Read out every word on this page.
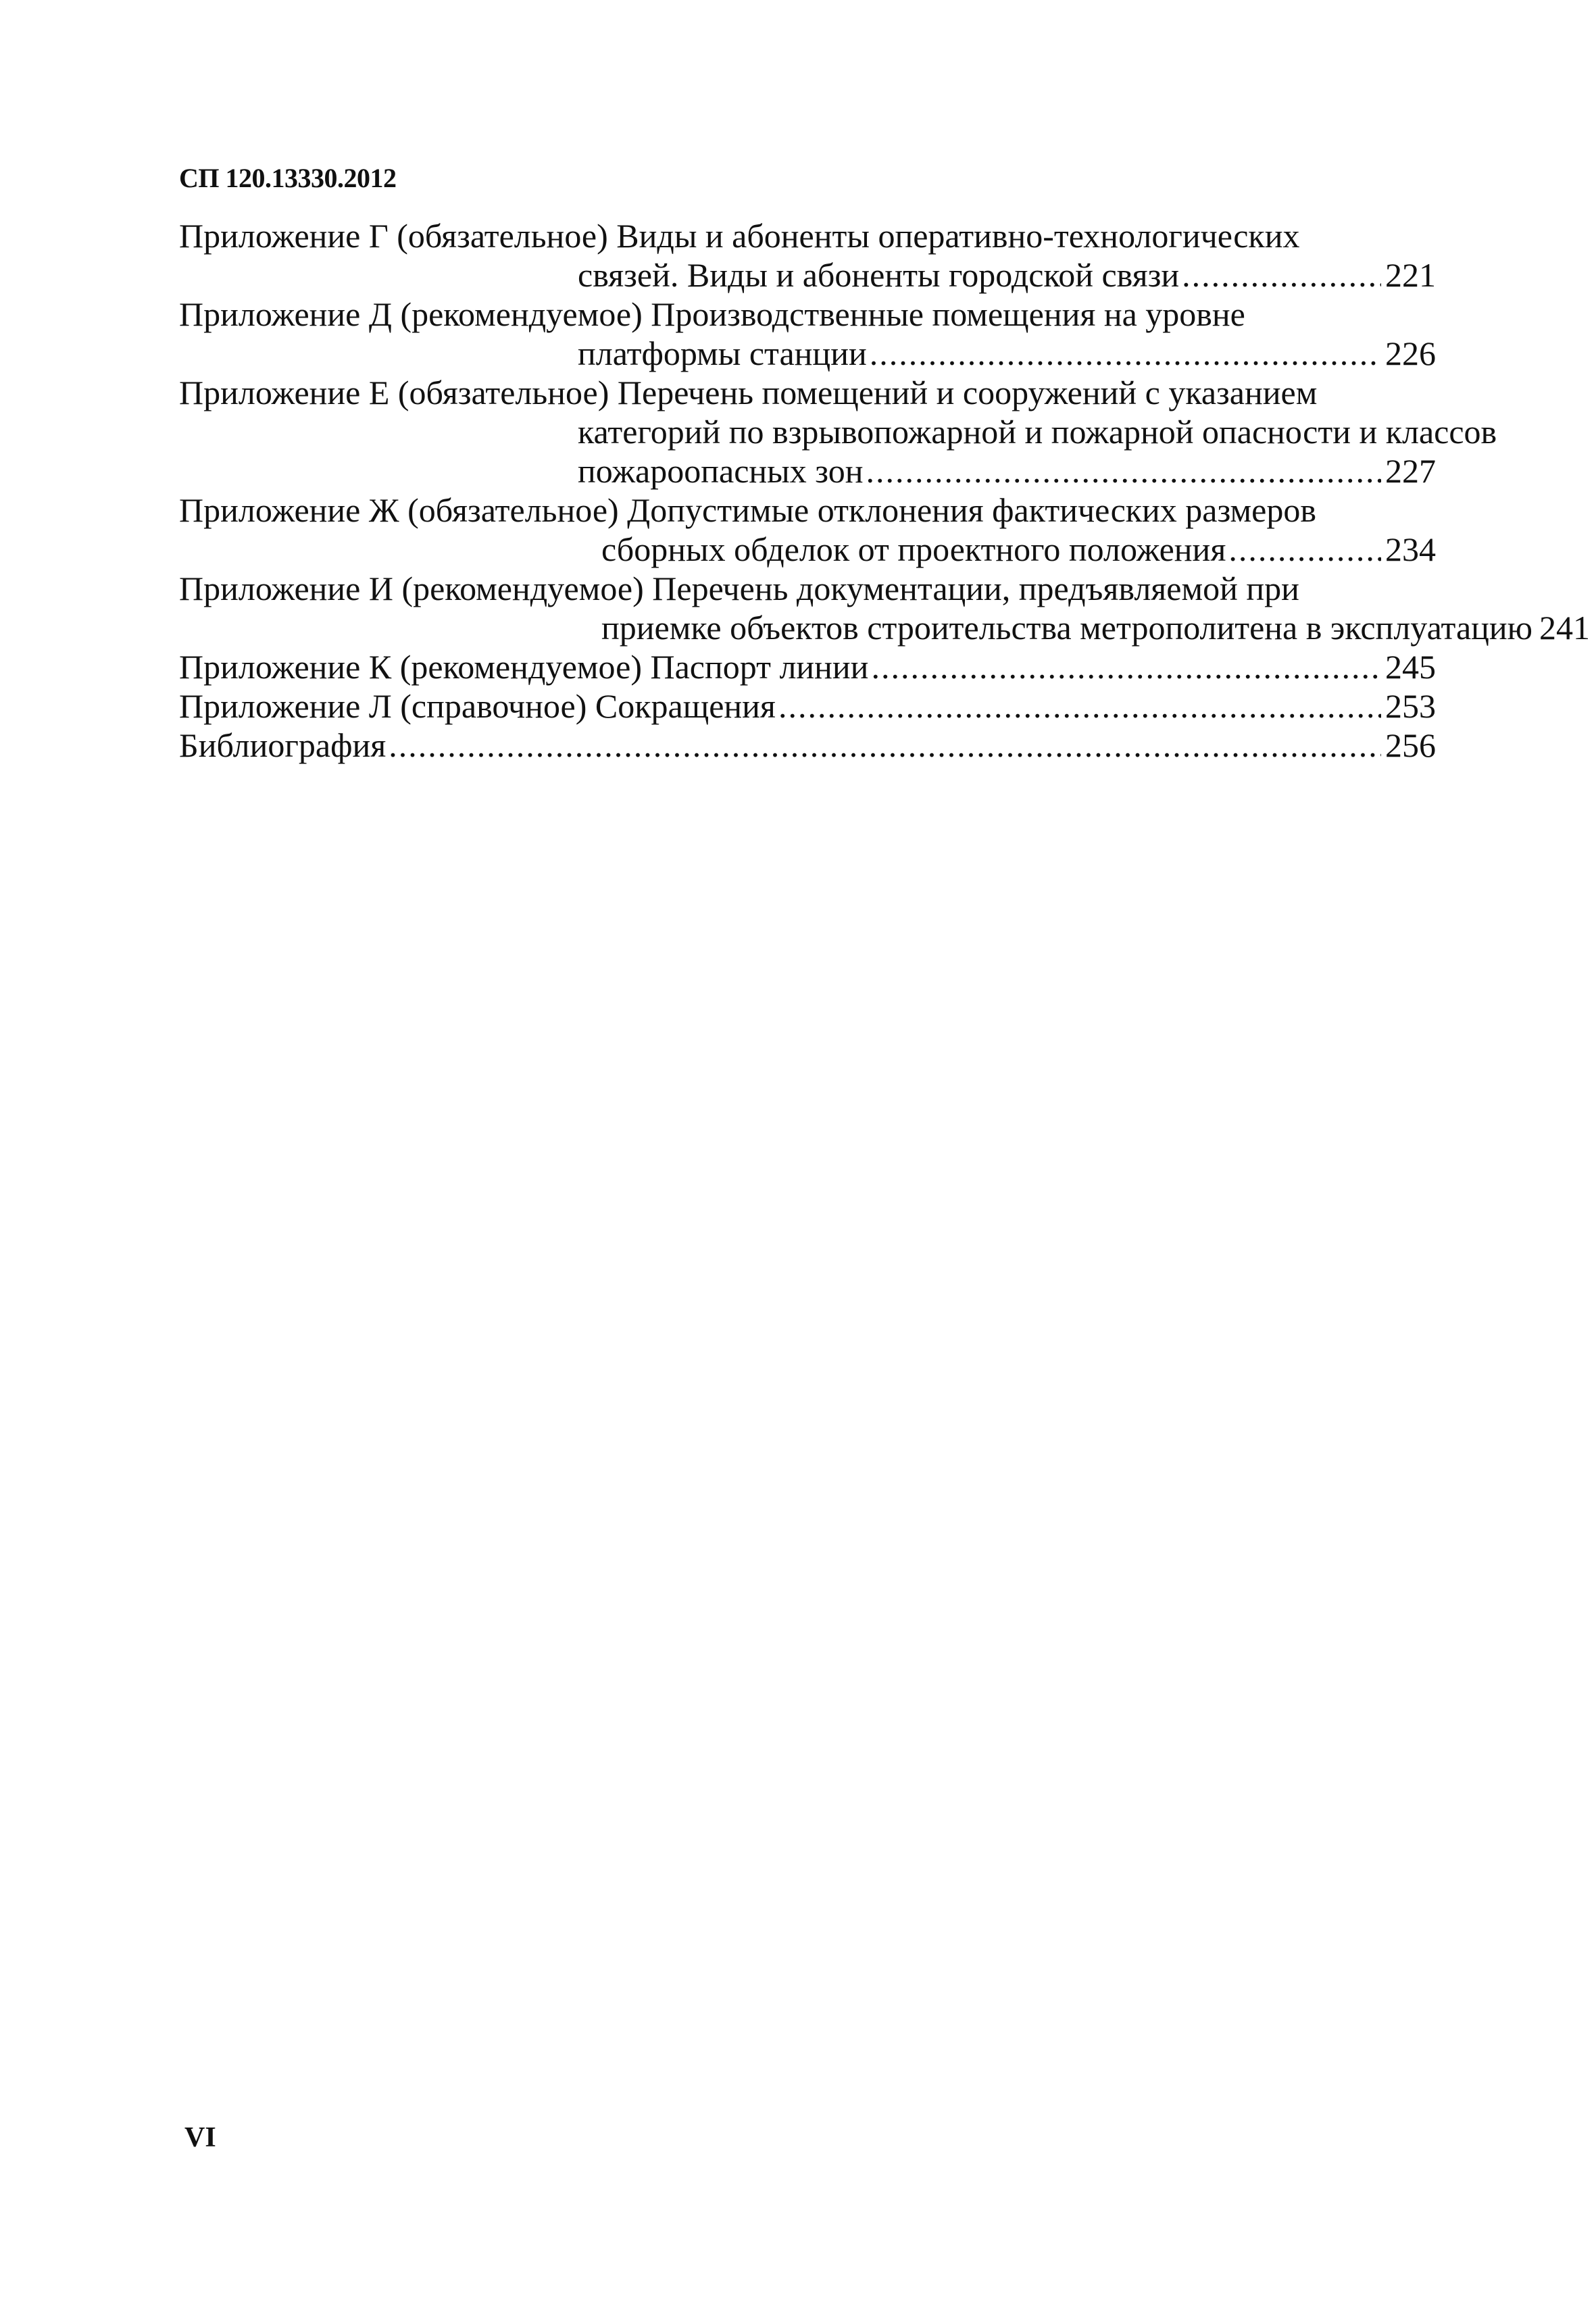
СП 120.13330.2012
Приложение Г (обязательное) Виды и абоненты оперативно-технологических
связей. Виды и абоненты городской связи .....	221
Приложение Д (рекомендуемое) Производственные помещения на уровне
платформы станции .....	226
Приложение Е (обязательное) Перечень помещений и сооружений с указанием
категорий по взрывопожарной и пожарной опасности и классов
пожароопасных зон .....	227
Приложение Ж (обязательное) Допустимые отклонения фактических размеров
сборных обделок от проектного положения .....	234
Приложение И (рекомендуемое) Перечень документации, предъявляемой при
приемке объектов строительства метрополитена в эксплуатацию 241
Приложение К (рекомендуемое) Паспорт линии .....	245
Приложение Л (справочное) Сокращения .....	253
Библиография .....	256
VI
